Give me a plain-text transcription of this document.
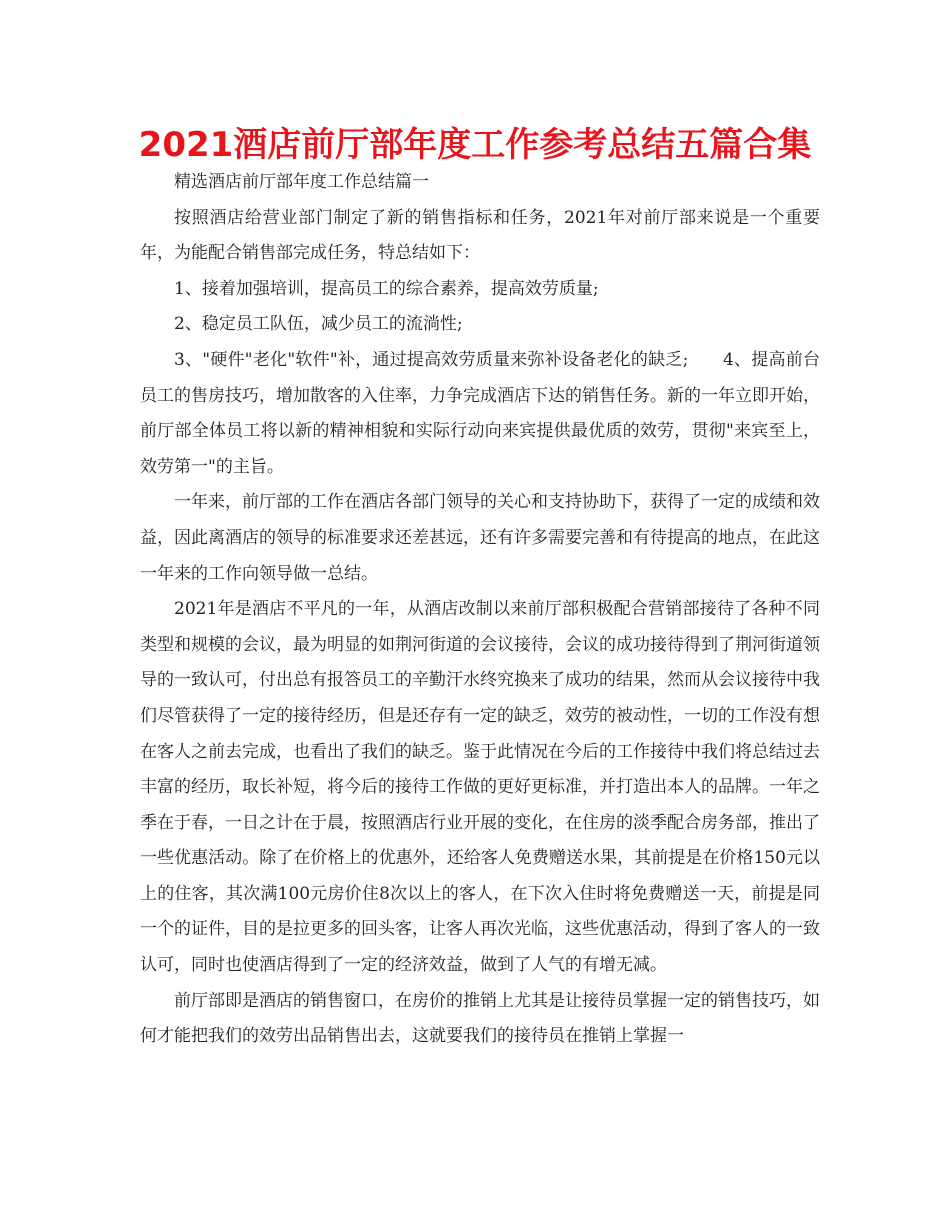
2021酒店前厅部年度工作参考总结五篇合集

精选酒店前厅部年度工作总结篇一

按照酒店给营业部门制定了新的销售指标和任务，2021年对前厅部来说是一个重要年，为能配合销售部完成任务，特总结如下：

1、接着加强培训，提高员工的综合素养，提高效劳质量;

2、稳定员工队伍，减少员工的流淌性;

3、"硬件"老化"软件"补，通过提高效劳质量来弥补设备老化的缺乏;　　4、提高前台员工的售房技巧，增加散客的入住率，力争完成酒店下达的销售任务。新的一年立即开始，前厅部全体员工将以新的精神相貌和实际行动向来宾提供最优质的效劳，贯彻"来宾至上，效劳第一"的主旨。

一年来，前厅部的工作在酒店各部门领导的关心和支持协助下，获得了一定的成绩和效益，因此离酒店的领导的标准要求还差甚远，还有许多需要完善和有待提高的地点，在此这一年来的工作向领导做一总结。

2021年是酒店不平凡的一年，从酒店改制以来前厅部积极配合营销部接待了各种不同类型和规模的会议，最为明显的如荆河街道的会议接待，会议的成功接待得到了荆河街道领导的一致认可，付出总有报答员工的辛勤汗水终究换来了成功的结果，然而从会议接待中我们尽管获得了一定的接待经历，但是还存有一定的缺乏，效劳的被动性，一切的工作没有想在客人之前去完成，也看出了我们的缺乏。鉴于此情况在今后的工作接待中我们将总结过去丰富的经历，取长补短，将今后的接待工作做的更好更标准，并打造出本人的品牌。一年之季在于春，一日之计在于晨，按照酒店行业开展的变化，在住房的淡季配合房务部，推出了一些优惠活动。除了在价格上的优惠外，还给客人免费赠送水果，其前提是在价格150元以上的住客，其次满100元房价住8次以上的客人，在下次入住时将免费赠送一天，前提是同一个的证件，目的是拉更多的回头客，让客人再次光临，这些优惠活动，得到了客人的一致认可，同时也使酒店得到了一定的经济效益，做到了人气的有增无减。

前厅部即是酒店的销售窗口，在房价的推销上尤其是让接待员掌握一定的销售技巧，如何才能把我们的效劳出品销售出去，这就要我们的接待员在推销上掌握一
